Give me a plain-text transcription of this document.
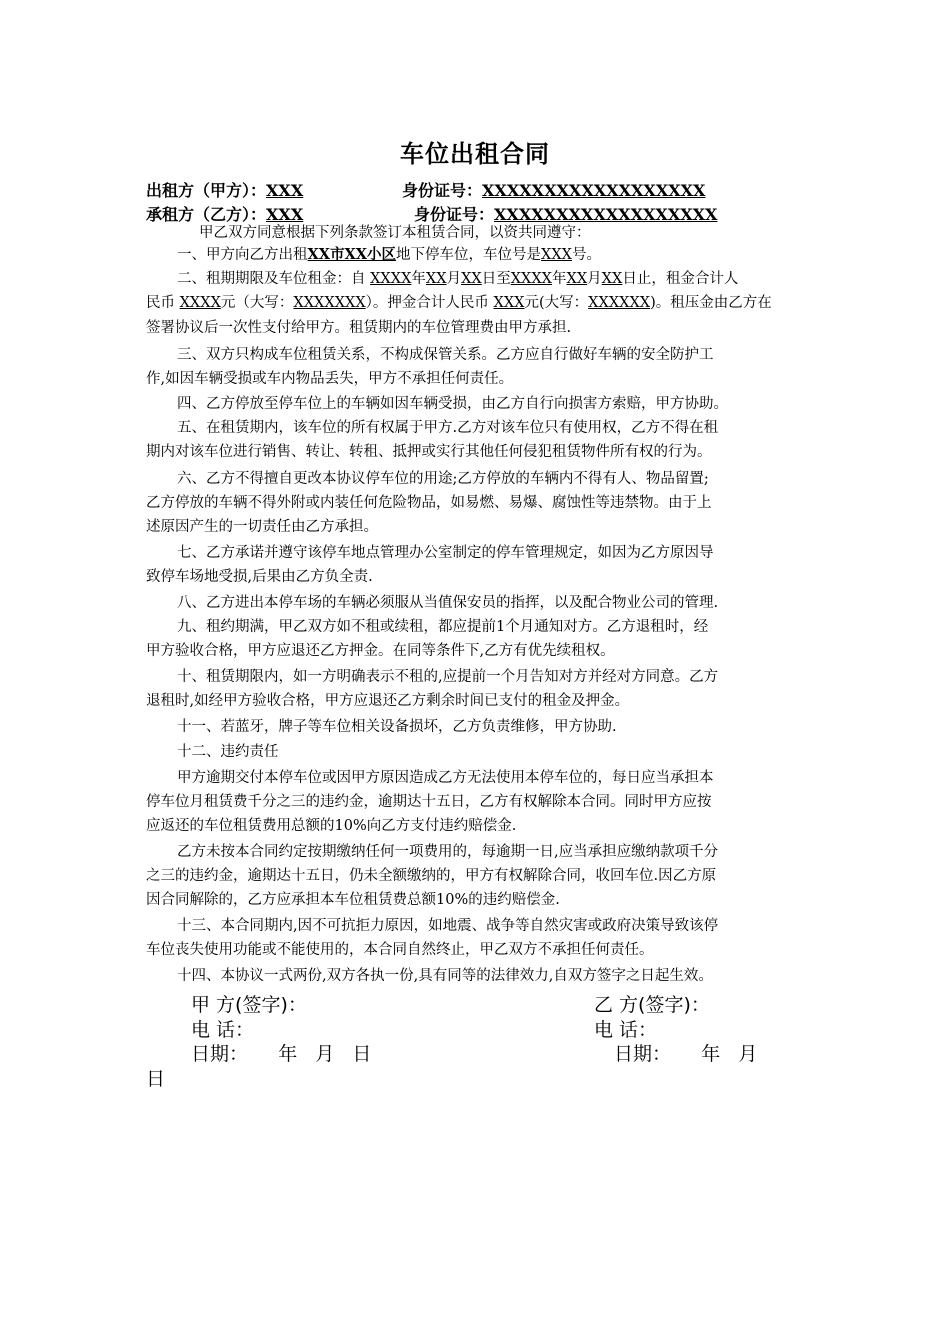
车位出租合同
出租方（甲方）：XXX	身份证号：XXXXXXXXXXXXXXXXXX
承租方（乙方）：XXX	身份证号：XXXXXXXXXXXXXXXXXX
甲乙双方同意根据下列条款签订本租赁合同，以资共同遵守：
一、甲方向乙方出租XX市XX小区地下停车位，车位号是XXX号。
二、租期期限及车位租金：自 XXXX年XX月XX日至XXXX年XX月XX日止，租金合计人
民币 XXXX元（大写：XXXXXXX）。押金合计人民币 XXX元(大写：XXXXXX)。租压金由乙方在
签署协议后一次性支付给甲方。租赁期内的车位管理费由甲方承担.
三、双方只构成车位租赁关系，不构成保管关系。乙方应自行做好车辆的安全防护工
作,如因车辆受损或车内物品丢失，甲方不承担任何责任。
四、乙方停放至停车位上的车辆如因车辆受损，由乙方自行向损害方索赔，甲方协助。
五、在租赁期内，该车位的所有权属于甲方.乙方对该车位只有使用权，乙方不得在租
期内对该车位进行销售、转让、转租、抵押或实行其他任何侵犯租赁物件所有权的行为。
六、乙方不得擅自更改本协议停车位的用途;乙方停放的车辆内不得有人、物品留置;
乙方停放的车辆不得外附或内装任何危险物品，如易燃、易爆、腐蚀性等违禁物。由于上
述原因产生的一切责任由乙方承担。
七、乙方承诺并遵守该停车地点管理办公室制定的停车管理规定，如因为乙方原因导
致停车场地受损,后果由乙方负全责.
八、乙方进出本停车场的车辆必须服从当值保安员的指挥，以及配合物业公司的管理.
九、租约期满，甲乙双方如不租或续租，都应提前1个月通知对方。乙方退租时，经
甲方验收合格，甲方应退还乙方押金。在同等条件下,乙方有优先续租权。
十、租赁期限内，如一方明确表示不租的,应提前一个月告知对方并经对方同意。乙方
退租时,如经甲方验收合格，甲方应退还乙方剩余时间已支付的租金及押金。
十一、若蓝牙，牌子等车位相关设备损坏，乙方负责维修，甲方协助.
十二、违约责任
甲方逾期交付本停车位或因甲方原因造成乙方无法使用本停车位的，每日应当承担本
停车位月租赁费千分之三的违约金，逾期达十五日，乙方有权解除本合同。同时甲方应按
应返还的车位租赁费用总额的10%向乙方支付违约赔偿金.
乙方未按本合同约定按期缴纳任何一项费用的，每逾期一日,应当承担应缴纳款项千分
之三的违约金，逾期达十五日，仍未全额缴纳的，甲方有权解除合同，收回车位.因乙方原
因合同解除的，乙方应承担本车位租赁费总额10%的违约赔偿金.
十三、本合同期内,因不可抗拒力原因，如地震、战争等自然灾害或政府决策导致该停
车位丧失使用功能或不能使用的，本合同自然终止，甲乙双方不承担任何责任。
十四、本协议一式两份,双方各执一份,具有同等的法律效力,自双方签字之日起生效。
甲 方(签字)：	乙 方(签字)：
电 话：	电 话：
日期：     年   月   日	日期：     年   月
日
